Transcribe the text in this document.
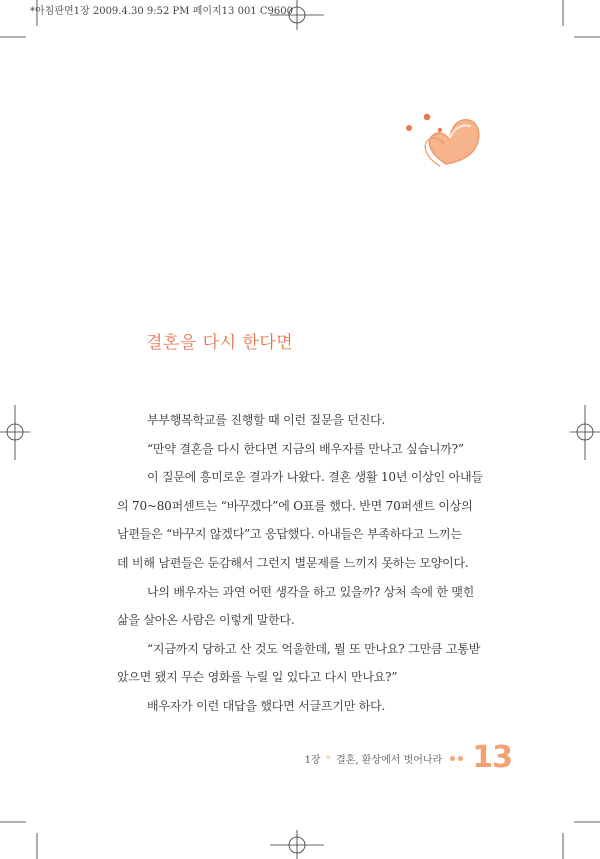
*아침판면1장 2009.4.30 9:52 PM 페이지13 001 C9600
결혼을 다시 한다면

부부행복학교를 진행할 때 이런 질문을 던진다.

“만약 결혼을 다시 한다면 지금의 배우자를 만나고 싶습니까?”

이 질문에 흥미로운 결과가 나왔다. 결혼 생활 10년 이상인 아내들

의 70~80퍼센트는 “바꾸겠다”에 O표를 했다. 반면 70퍼센트 이상의

남편들은 “바꾸지 않겠다”고 응답했다. 아내들은 부족하다고 느끼는

데 비해 남편들은 둔감해서 그런지 별문제를 느끼지 못하는 모양이다.

나의 배우자는 과연 어떤 생각을 하고 있을까? 상처 속에 한 맺힌

삶을 살아온 사람은 이렇게 말한다.

“지금까지 당하고 산 것도 억울한데, 뭘 또 만나요? 그만큼 고통받

았으면 됐지 무슨 영화를 누릴 일 있다고 다시 만나요?”

배우자가 이런 대답을 했다면 서글프기만 하다.

1장 » 결혼, 환상에서 벗어나라 13
